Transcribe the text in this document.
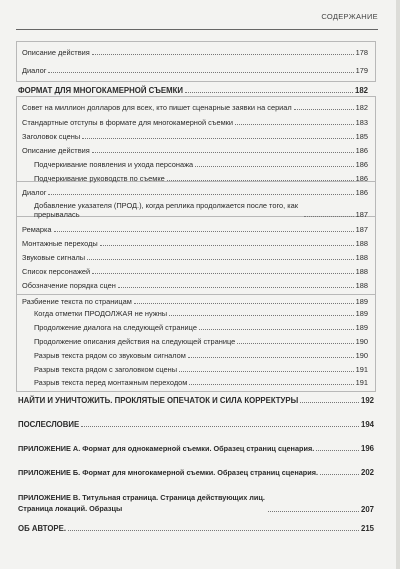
СОДЕРЖАНИЕ
Описание действия	178
Диалог	179
ФОРМАТ ДЛЯ МНОГОКАМЕРНОЙ СЪЕМКИ	182
Совет на миллион долларов для всех, кто пишет сценарные заявки на сериал	182
Стандартные отступы в формате для многокамерной съемки	183
Заголовок сцены	185
Описание действия	186
Подчеркивание появления и ухода персонажа	186
Подчеркивание руководств по съемке	186
Диалог	186
Добавление указателя (ПРОД.), когда реплика продолжается после того, как прерывалась	187
Ремарка	187
Монтажные переходы	188
Звуковые сигналы	188
Список персонажей	188
Обозначение порядка сцен	188
Разбиение текста по страницам	189
Когда отметки ПРОДОЛЖАЯ не нужны	189
Продолжение диалога на следующей странице	189
Продолжение описания действия на следующей странице	190
Разрыв текста рядом со звуковым сигналом	190
Разрыв текста рядом с заголовком сцены	191
Разрыв текста перед монтажным переходом	191
НАЙТИ И УНИЧТОЖИТЬ. ПРОКЛЯТЫЕ ОПЕЧАТОК И СИЛА КОРРЕКТУРЫ	192
ПОСЛЕСЛОВИЕ	194
ПРИЛОЖЕНИЕ А. Формат для однокамерной съемки. Образец страниц сценария.	196
ПРИЛОЖЕНИЕ Б. Формат для многокамерной съемки. Образец страниц сценария.	202
ПРИЛОЖЕНИЕ В. Титульная страница. Страница действующих лиц. Страница локаций. Образцы	207
ОБ АВТОРЕ.	215
